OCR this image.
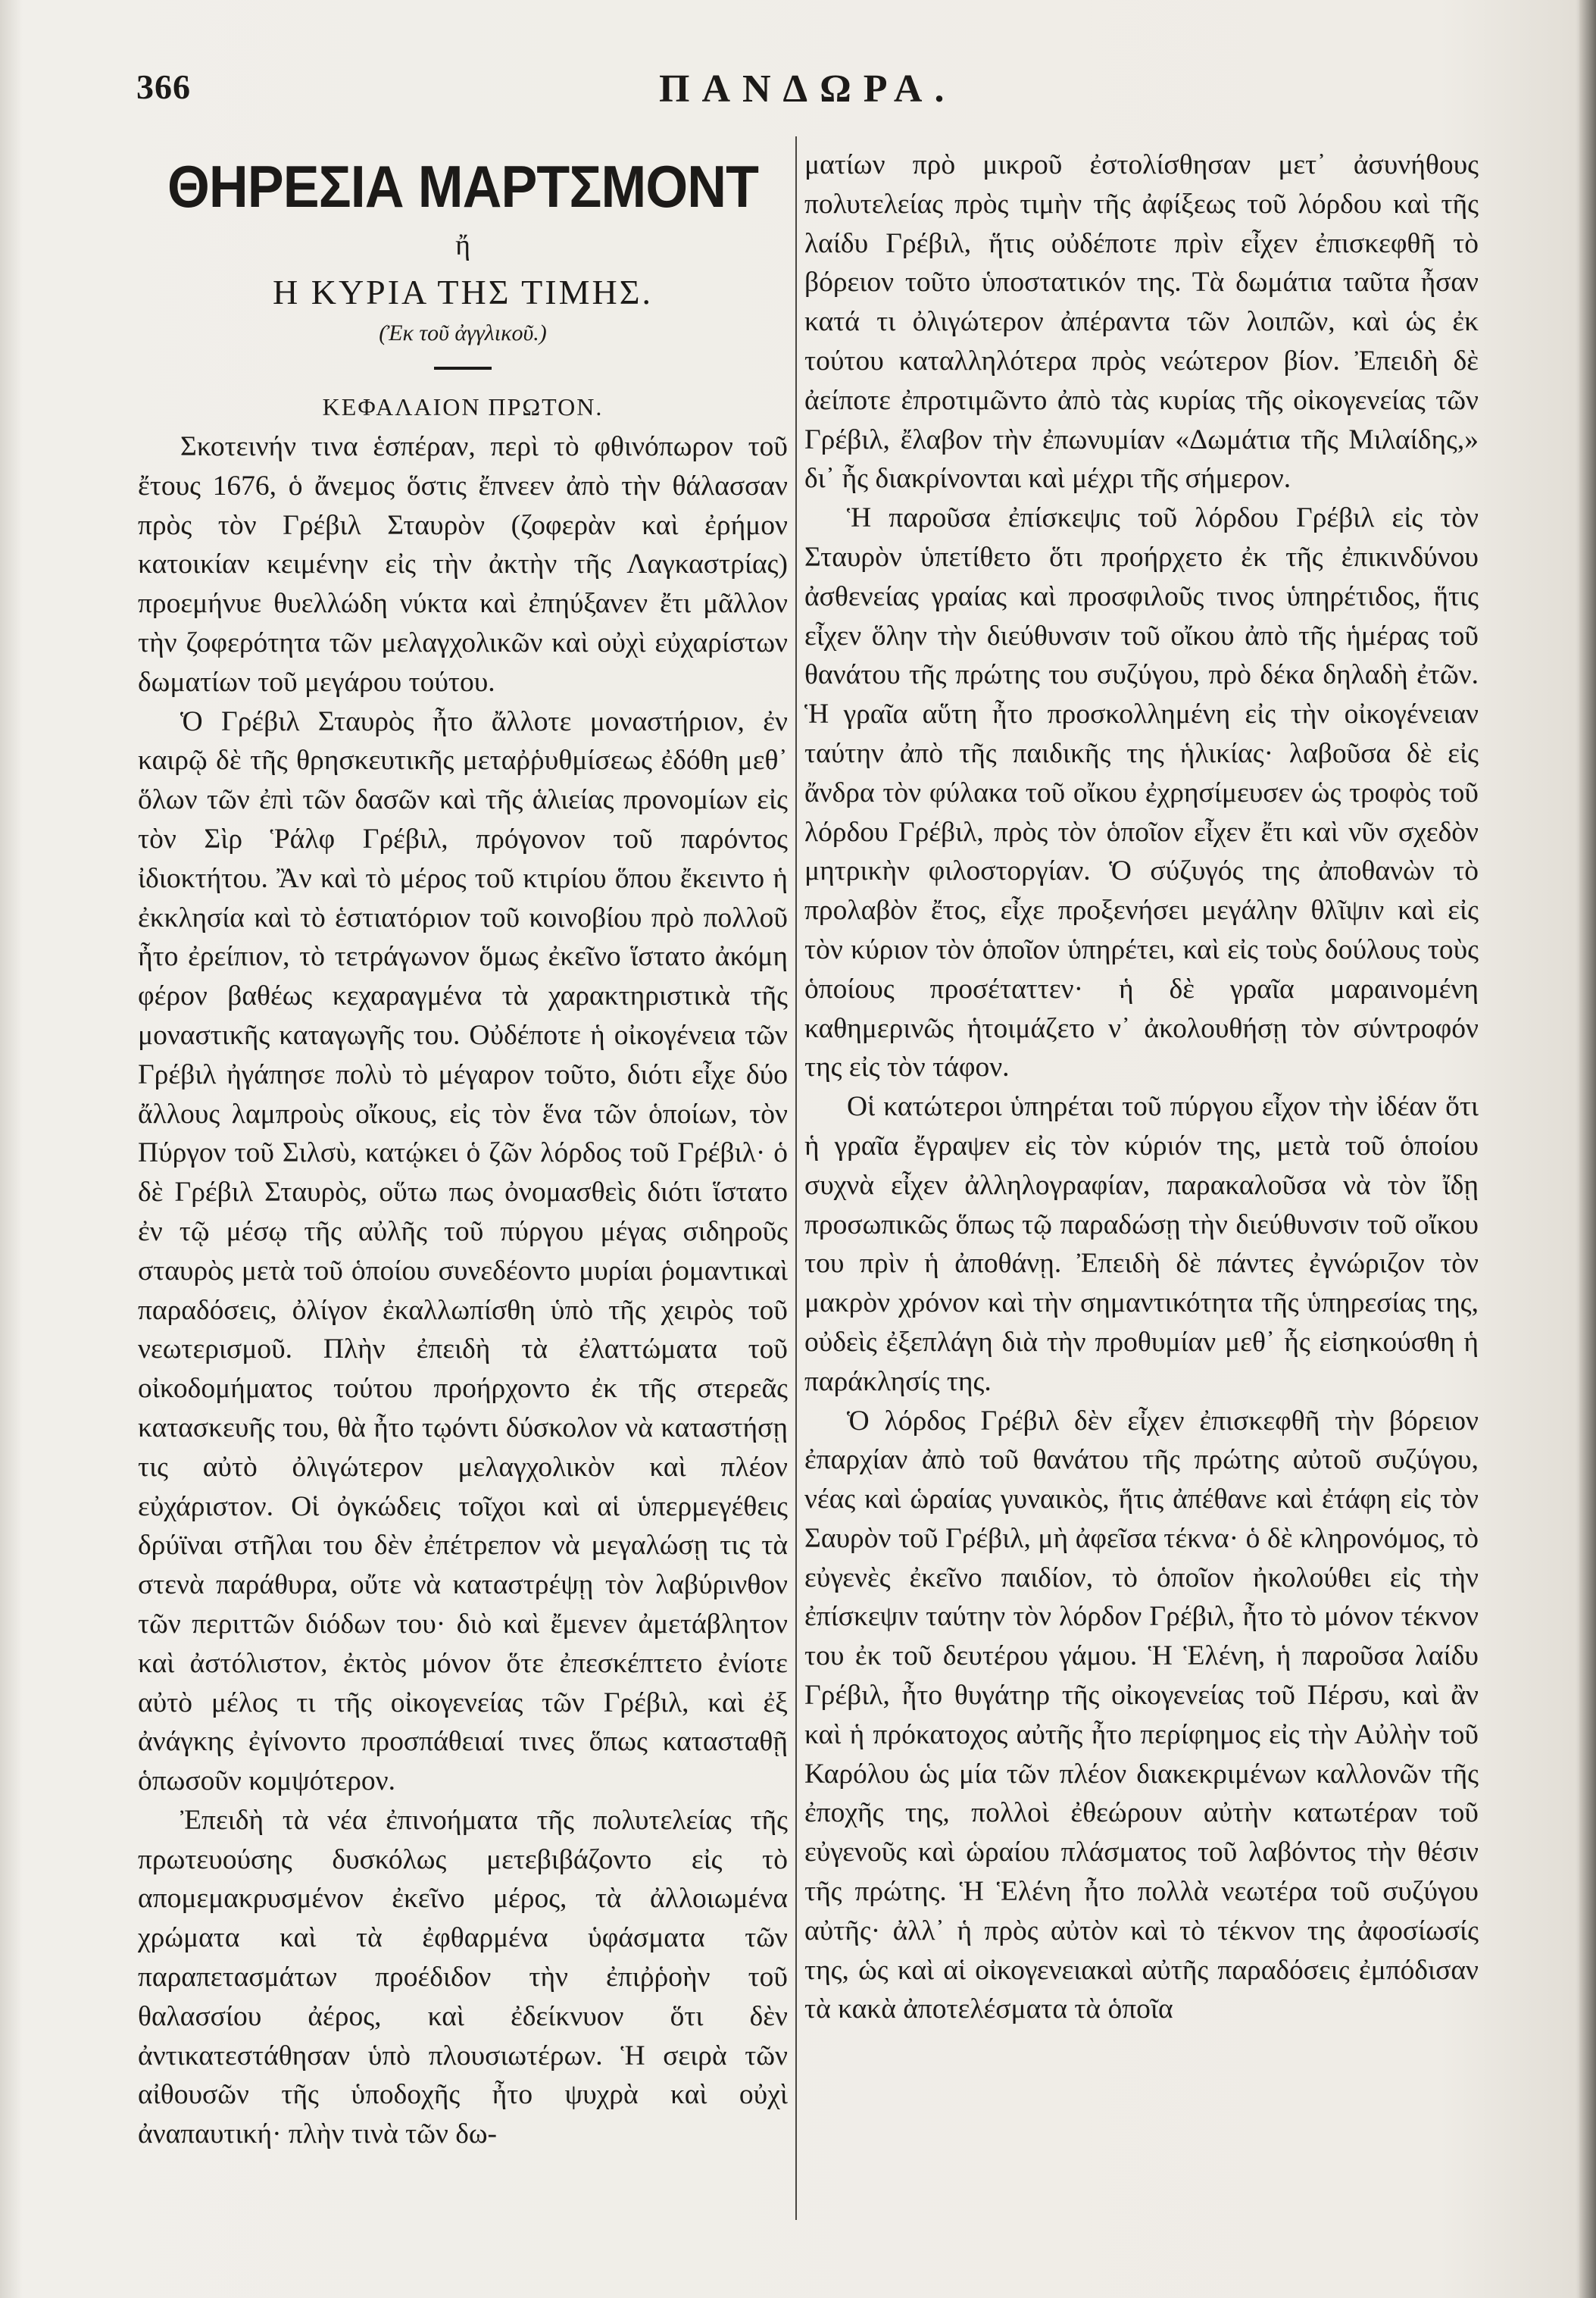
366	ΠΑΝΔΩΡΑ.
ΘΗΡΕΣΙΑ ΜΑΡΤΣΜΟΝΤ
ἤ
Η ΚΥΡΙΑ ΤΗΣ ΤΙΜΗΣ.
(Ἐκ τοῦ ἀγγλικοῦ.)
ΚΕΦΑΛΑΙΟΝ ΠΡΩΤΟΝ.

Σκοτεινήν τινα ἑσπέραν, περὶ τὸ φθινόπωρον τοῦ ἔτους 1676, ὁ ἄνεμος ὅστις ἔπνεεν ἀπὸ τὴν θάλασσαν πρὸς τὸν Γρέβιλ Σταυρὸν (ζοφερὰν καὶ ἐρήμον κατοικίαν κειμένην εἰς τὴν ἀκτὴν τῆς Λαγκαστρίας) προεμήνυε θυελλώδη νύκτα καὶ ἐπηύξανεν ἔτι μᾶλλον τὴν ζοφερότητα τῶν μελαγχολικῶν καὶ οὐχὶ εὐχαρίστων δωματίων τοῦ μεγάρου τούτου.

Ὁ Γρέβιλ Σταυρὸς ἦτο ἄλλοτε μοναστήριον, ἐν καιρῷ δὲ τῆς θρησκευτικῆς μεταῤῥυθμίσεως ἐδόθη μεθ᾽ ὅλων τῶν ἐπὶ τῶν δασῶν καὶ τῆς ἁλιείας προνομίων εἰς τὸν Σὶρ Ῥάλφ Γρέβιλ, πρόγονον τοῦ παρόντος ἰδιοκτήτου. Ἂν καὶ τὸ μέρος τοῦ κτιρίου ὅπου ἔκειντο ἡ ἐκκλησία καὶ τὸ ἑστιατόριον τοῦ κοινοβίου πρὸ πολλοῦ ἦτο ἐρείπιον, τὸ τετράγωνον ὅμως ἐκεῖνο ἵστατο ἀκόμη φέρον βαθέως κεχαραγμένα τὰ χαρακτηριστικὰ τῆς μοναστικῆς καταγωγῆς του. Οὐδέποτε ἡ οἰκογένεια τῶν Γρέβιλ ἠγάπησε πολὺ τὸ μέγαρον τοῦτο, διότι εἶχε δύο ἄλλους λαμπροὺς οἴκους, εἰς τὸν ἕνα τῶν ὁποίων, τὸν Πύργον τοῦ Σιλσὺ, κατῴκει ὁ ζῶν λόρδος τοῦ Γρέβιλ· ὁ δὲ Γρέβιλ Σταυρὸς, οὕτω πως ὀνομασθεὶς διότι ἵστατο ἐν τῷ μέσῳ τῆς αὐλῆς τοῦ πύργου μέγας σιδηροῦς σταυρὸς μετὰ τοῦ ὁποίου συνεδέοντο μυρίαι ῥομαντικαὶ παραδόσεις, ὀλίγον ἐκαλλωπίσθη ὑπὸ τῆς χειρὸς τοῦ νεωτερισμοῦ. Πλὴν ἐπειδὴ τὰ ἐλαττώματα τοῦ οἰκοδομήματος τούτου προήρχοντο ἐκ τῆς στερεᾶς κατασκευῆς του, θὰ ἦτο τῳόντι δύσκολον νὰ καταστήσῃ τις αὐτὸ ὀλιγώτερον μελαγχολικὸν καὶ πλέον εὐχάριστον. Οἱ ὀγκώδεις τοῖχοι καὶ αἱ ὑπερμεγέθεις δρύϊναι στῆλαι του δὲν ἐπέτρεπον νὰ μεγαλώσῃ τις τὰ στενὰ παράθυρα, οὔτε νὰ καταστρέψῃ τὸν λαβύρινθον τῶν περιττῶν διόδων του· διὸ καὶ ἔμενεν ἀμετάβλητον καὶ ἀστόλιστον, ἐκτὸς μόνον ὅτε ἐπεσκέπτετο ἐνίοτε αὐτὸ μέλος τι τῆς οἰκογενείας τῶν Γρέβιλ, καὶ ἐξ ἀνάγκης ἐγίνοντο προσπάθειαί τινες ὅπως κατασταθῇ ὁπωσοῦν κομψότερον.

Ἐπειδὴ τὰ νέα ἐπινοήματα τῆς πολυτελείας τῆς πρωτευούσης δυσκόλως μετεβιβάζοντο εἰς τὸ απομεμακρυσμένον ἐκεῖνο μέρος, τὰ ἀλλοιωμένα χρώματα καὶ τὰ ἐφθαρμένα ὑφάσματα τῶν παραπετασμάτων προέδιδον τὴν ἐπιῤῥοὴν τοῦ θαλασσίου ἀέρος, καὶ ἐδείκνυον ὅτι δὲν ἀντικατεστάθησαν ὑπὸ πλουσιωτέρων. Ἡ σειρὰ τῶν αἰθουσῶν τῆς ὑποδοχῆς ἦτο ψυχρὰ καὶ οὐχὶ ἀναπαυτική· πλὴν τινὰ τῶν δω-

ματίων πρὸ μικροῦ ἐστολίσθησαν μετ᾽ ἀσυνήθους πολυτελείας πρὸς τιμὴν τῆς ἀφίξεως τοῦ λόρδου καὶ τῆς λαίδυ Γρέβιλ, ἥτις οὐδέποτε πρὶν εἶχεν ἐπισκεφθῆ τὸ βόρειον τοῦτο ὑποστατικόν της. Τὰ δωμάτια ταῦτα ἦσαν κατά τι ὀλιγώτερον ἀπέραντα τῶν λοιπῶν, καὶ ὡς ἐκ τούτου καταλληλότερα πρὸς νεώτερον βίον. Ἐπειδὴ δὲ ἀείποτε ἐπροτιμῶντο ἀπὸ τὰς κυρίας τῆς οἰκογενείας τῶν Γρέβιλ, ἔλαβον τὴν ἐπωνυμίαν «Δωμάτια τῆς Μιλαίδης,» δι᾽ ἧς διακρίνονται καὶ μέχρι τῆς σήμερον.

Ἡ παροῦσα ἐπίσκεψις τοῦ λόρδου Γρέβιλ εἰς τὸν Σταυρὸν ὑπετίθετο ὅτι προήρχετο ἐκ τῆς ἐπικινδύνου ἀσθενείας γραίας καὶ προσφιλοῦς τινος ὑπηρέτιδος, ἥτις εἶχεν ὅλην τὴν διεύθυνσιν τοῦ οἴκου ἀπὸ τῆς ἡμέρας τοῦ θανάτου τῆς πρώτης του συζύγου, πρὸ δέκα δηλαδὴ ἐτῶν. Ἡ γραῖα αὕτη ἦτο προσκολλημένη εἰς τὴν οἰκογένειαν ταύτην ἀπὸ τῆς παιδικῆς της ἡλικίας· λαβοῦσα δὲ εἰς ἄνδρα τὸν φύλακα τοῦ οἴκου ἐχρησίμευσεν ὡς τροφὸς τοῦ λόρδου Γρέβιλ, πρὸς τὸν ὁποῖον εἶχεν ἔτι καὶ νῦν σχεδὸν μητρικὴν φιλοστοργίαν. Ὁ σύζυγός της ἀποθανὼν τὸ προλαβὸν ἔτος, εἶχε προξενήσει μεγάλην θλῖψιν καὶ εἰς τὸν κύριον τὸν ὁποῖον ὑπηρέτει, καὶ εἰς τοὺς δούλους τοὺς ὁποίους προσέταττεν· ἡ δὲ γραῖα μαραινομένη καθημερινῶς ἡτοιμάζετο ν᾽ ἀκολουθήσῃ τὸν σύντροφόν της εἰς τὸν τάφον.

Οἱ κατώτεροι ὑπηρέται τοῦ πύργου εἶχον τὴν ἰδέαν ὅτι ἡ γραῖα ἔγραψεν εἰς τὸν κύριόν της, μετὰ τοῦ ὁποίου συχνὰ εἶχεν ἀλληλογραφίαν, παρακαλοῦσα νὰ τὸν ἴδῃ προσωπικῶς ὅπως τῷ παραδώσῃ τὴν διεύθυνσιν τοῦ οἴκου του πρὶν ἡ ἀποθάνῃ. Ἐπειδὴ δὲ πάντες ἐγνώριζον τὸν μακρὸν χρόνον καὶ τὴν σημαντικότητα τῆς ὑπηρεσίας της, οὐδεὶς ἐξεπλάγη διὰ τὴν προθυμίαν μεθ᾽ ἧς εἰσηκούσθη ἡ παράκλησίς της.

Ὁ λόρδος Γρέβιλ δὲν εἶχεν ἐπισκεφθῆ τὴν βόρειον ἐπαρχίαν ἀπὸ τοῦ θανάτου τῆς πρώτης αὐτοῦ συζύγου, νέας καὶ ὡραίας γυναικὸς, ἥτις ἀπέθανε καὶ ἐτάφη εἰς τὸν Σαυρὸν τοῦ Γρέβιλ, μὴ ἀφεῖσα τέκνα· ὁ δὲ κληρονόμος, τὸ εὐγενὲς ἐκεῖνο παιδίον, τὸ ὁποῖον ἠκολούθει εἰς τὴν ἐπίσκεψιν ταύτην τὸν λόρδον Γρέβιλ, ἦτο τὸ μόνον τέκνον του ἐκ τοῦ δευτέρου γάμου. Ἡ Ἑλένη, ἡ παροῦσα λαίδυ Γρέβιλ, ἦτο θυγάτηρ τῆς οἰκογενείας τοῦ Πέρσυ, καὶ ἂν καὶ ἡ πρόκατοχος αὐτῆς ἦτο περίφημος εἰς τὴν Αὐλὴν τοῦ Καρόλου ὡς μία τῶν πλέον διακεκριμένων καλλονῶν τῆς ἐποχῆς της, πολλοὶ ἐθεώρουν αὐτὴν κατωτέραν τοῦ εὐγενοῦς καὶ ὡραίου πλάσματος τοῦ λαβόντος τὴν θέσιν τῆς πρώτης. Ἡ Ἑλένη ἦτο πολλὰ νεωτέρα τοῦ συζύγου αὐτῆς· ἀλλ᾽ ἡ πρὸς αὐτὸν καὶ τὸ τέκνον της ἀφοσίωσίς της, ὡς καὶ αἱ οἰκογενειακαὶ αὐτῆς παραδόσεις ἐμπόδισαν τὰ κακὰ ἀποτελέσματα τὰ ὁποῖα
